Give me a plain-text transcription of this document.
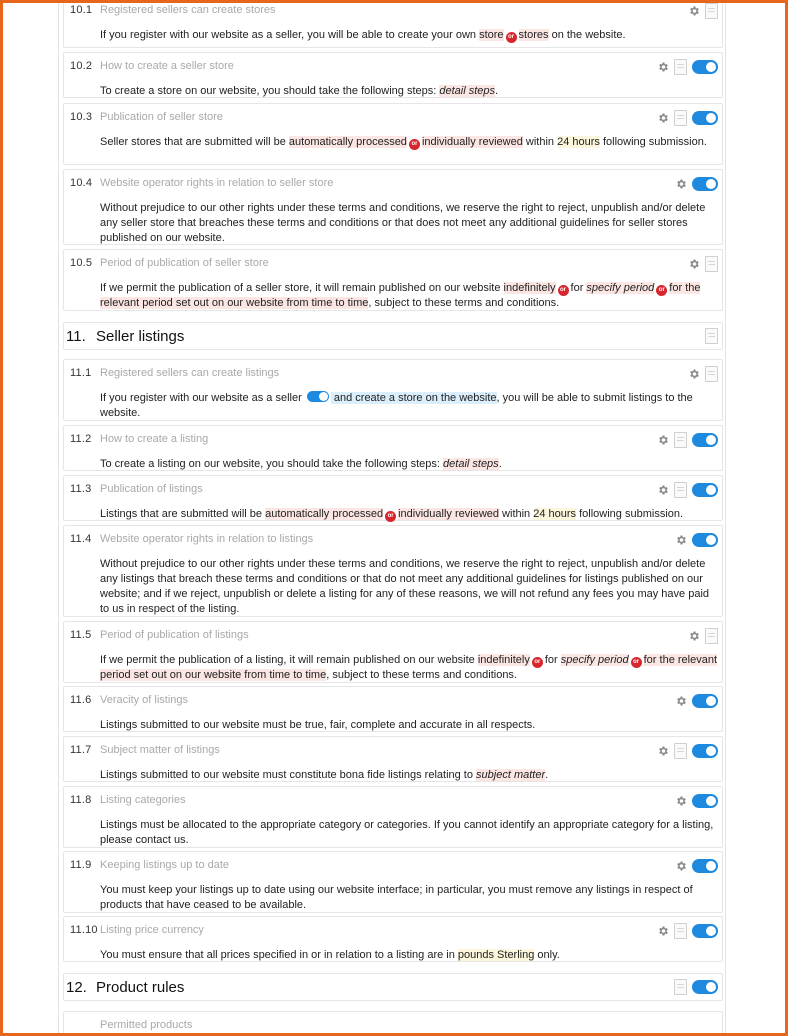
10.1 Registered sellers can create stores
If you register with our website as a seller, you will be able to create your own store or stores on the website.
10.2 How to create a seller store
To create a store on our website, you should take the following steps: detail steps.
10.3 Publication of seller store
Seller stores that are submitted will be automatically processed or individually reviewed within 24 hours following submission.
10.4 Website operator rights in relation to seller store
Without prejudice to our other rights under these terms and conditions, we reserve the right to reject, unpublish and/or delete any seller store that breaches these terms and conditions or that does not meet any additional guidelines for seller stores published on our website.
10.5 Period of publication of seller store
If we permit the publication of a seller store, it will remain published on our website indefinitely or for specify period or for the relevant period set out on our website from time to time, subject to these terms and conditions.
11. Seller listings
11.1 Registered sellers can create listings
If you register with our website as a seller  and create a store on the website, you will be able to submit listings to the website.
11.2 How to create a listing
To create a listing on our website, you should take the following steps: detail steps.
11.3 Publication of listings
Listings that are submitted will be automatically processed or individually reviewed within 24 hours following submission.
11.4 Website operator rights in relation to listings
Without prejudice to our other rights under these terms and conditions, we reserve the right to reject, unpublish and/or delete any listings that breach these terms and conditions or that do not meet any additional guidelines for listings published on our website; and if we reject, unpublish or delete a listing for any of these reasons, we will not refund any fees you may have paid to us in respect of the listing.
11.5 Period of publication of listings
If we permit the publication of a listing, it will remain published on our website indefinitely or for specify period or for the relevant period set out on our website from time to time, subject to these terms and conditions.
11.6 Veracity of listings
Listings submitted to our website must be true, fair, complete and accurate in all respects.
11.7 Subject matter of listings
Listings submitted to our website must constitute bona fide listings relating to subject matter.
11.8 Listing categories
Listings must be allocated to the appropriate category or categories. If you cannot identify an appropriate category for a listing, please contact us.
11.9 Keeping listings up to date
You must keep your listings up to date using our website interface; in particular, you must remove any listings in respect of products that have ceased to be available.
11.10 Listing price currency
You must ensure that all prices specified in or in relation to a listing are in pounds Sterling only.
12. Product rules
Permitted products
